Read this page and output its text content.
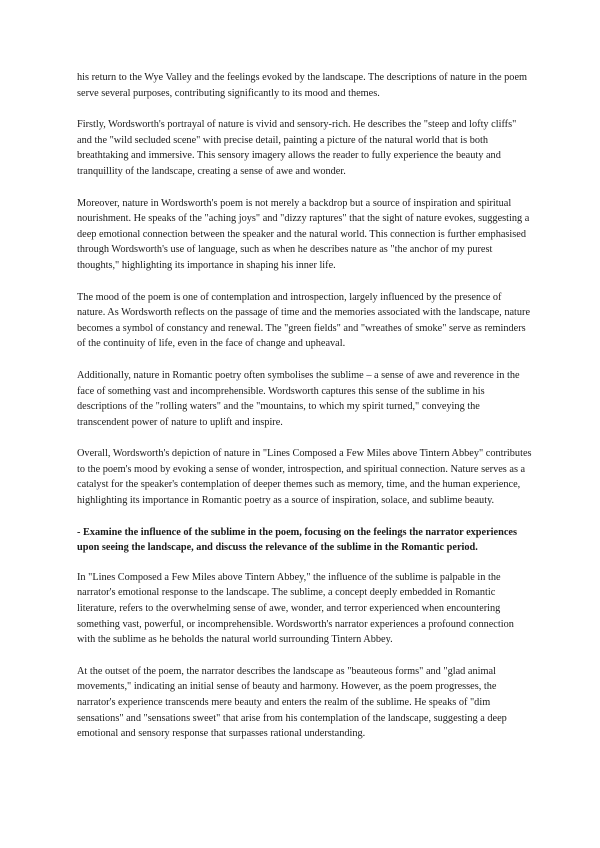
his return to the Wye Valley and the feelings evoked by the landscape. The descriptions of nature in the poem serve several purposes, contributing significantly to its mood and themes.

Firstly, Wordsworth's portrayal of nature is vivid and sensory-rich. He describes the "steep and lofty cliffs" and the "wild secluded scene" with precise detail, painting a picture of the natural world that is both breathtaking and immersive. This sensory imagery allows the reader to fully experience the beauty and tranquillity of the landscape, creating a sense of awe and wonder.

Moreover, nature in Wordsworth's poem is not merely a backdrop but a source of inspiration and spiritual nourishment. He speaks of the "aching joys" and "dizzy raptures" that the sight of nature evokes, suggesting a deep emotional connection between the speaker and the natural world. This connection is further emphasised through Wordsworth's use of language, such as when he describes nature as "the anchor of my purest thoughts," highlighting its importance in shaping his inner life.

The mood of the poem is one of contemplation and introspection, largely influenced by the presence of nature. As Wordsworth reflects on the passage of time and the memories associated with the landscape, nature becomes a symbol of constancy and renewal. The "green fields" and "wreathes of smoke" serve as reminders of the continuity of life, even in the face of change and upheaval.

Additionally, nature in Romantic poetry often symbolises the sublime – a sense of awe and reverence in the face of something vast and incomprehensible. Wordsworth captures this sense of the sublime in his descriptions of the "rolling waters" and the "mountains, to which my spirit turned," conveying the transcendent power of nature to uplift and inspire.

Overall, Wordsworth's depiction of nature in "Lines Composed a Few Miles above Tintern Abbey" contributes to the poem's mood by evoking a sense of wonder, introspection, and spiritual connection. Nature serves as a catalyst for the speaker's contemplation of deeper themes such as memory, time, and the human experience, highlighting its importance in Romantic poetry as a source of inspiration, solace, and sublime beauty.

- Examine the influence of the sublime in the poem, focusing on the feelings the narrator experiences upon seeing the landscape, and discuss the relevance of the sublime in the Romantic period.

In "Lines Composed a Few Miles above Tintern Abbey," the influence of the sublime is palpable in the narrator's emotional response to the landscape. The sublime, a concept deeply embedded in Romantic literature, refers to the overwhelming sense of awe, wonder, and terror experienced when encountering something vast, powerful, or incomprehensible. Wordsworth's narrator experiences a profound connection with the sublime as he beholds the natural world surrounding Tintern Abbey.

At the outset of the poem, the narrator describes the landscape as "beauteous forms" and "glad animal movements," indicating an initial sense of beauty and harmony. However, as the poem progresses, the narrator's experience transcends mere beauty and enters the realm of the sublime. He speaks of "dim sensations" and "sensations sweet" that arise from his contemplation of the landscape, suggesting a deep emotional and sensory response that surpasses rational understanding.
